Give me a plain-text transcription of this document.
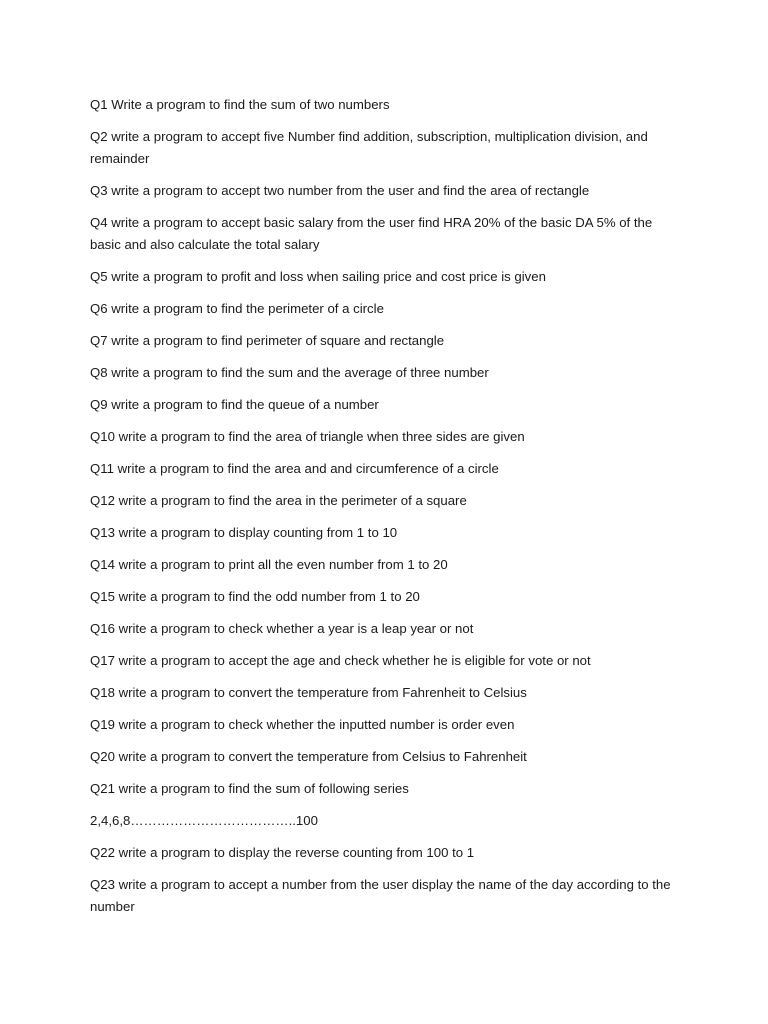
Q1 Write a program to find the sum of two numbers

Q2 write a program to accept five Number find addition, subscription, multiplication division, and remainder

Q3 write a program to accept two number from the user and find the area of rectangle

Q4 write a program to accept basic salary from the user find HRA 20% of the basic DA 5% of the basic and also calculate the total salary

Q5 write a program to profit and loss when sailing price and cost price is given

Q6 write a program to find the perimeter of a circle

Q7 write a program to find perimeter of square and rectangle

Q8 write a program to find the sum and the average of three number

Q9 write a program to find the queue of a number

Q10 write a program to find the area of triangle when three sides are given

Q11 write a program to find the area and and circumference of a circle

Q12 write a program to find the area in the perimeter of a square

Q13 write a program to display counting from 1 to 10

Q14 write a program to print all the even number from 1 to 20

Q15 write a program to find the odd number from 1 to 20

Q16 write a program to check whether a year is a leap year or not

Q17 write a program to accept the age and check whether he is eligible for vote or not

Q18 write a program to convert the temperature from Fahrenheit to Celsius

Q19 write a program to check whether the inputted number is order even

Q20 write a program to convert the temperature from Celsius to Fahrenheit

Q21 write a program to find the sum of following series

2,4,6,8………………………………..100

Q22 write a program to display the reverse counting from 100 to 1

Q23 write a program to accept a number from the user display the name of the day according to the number
